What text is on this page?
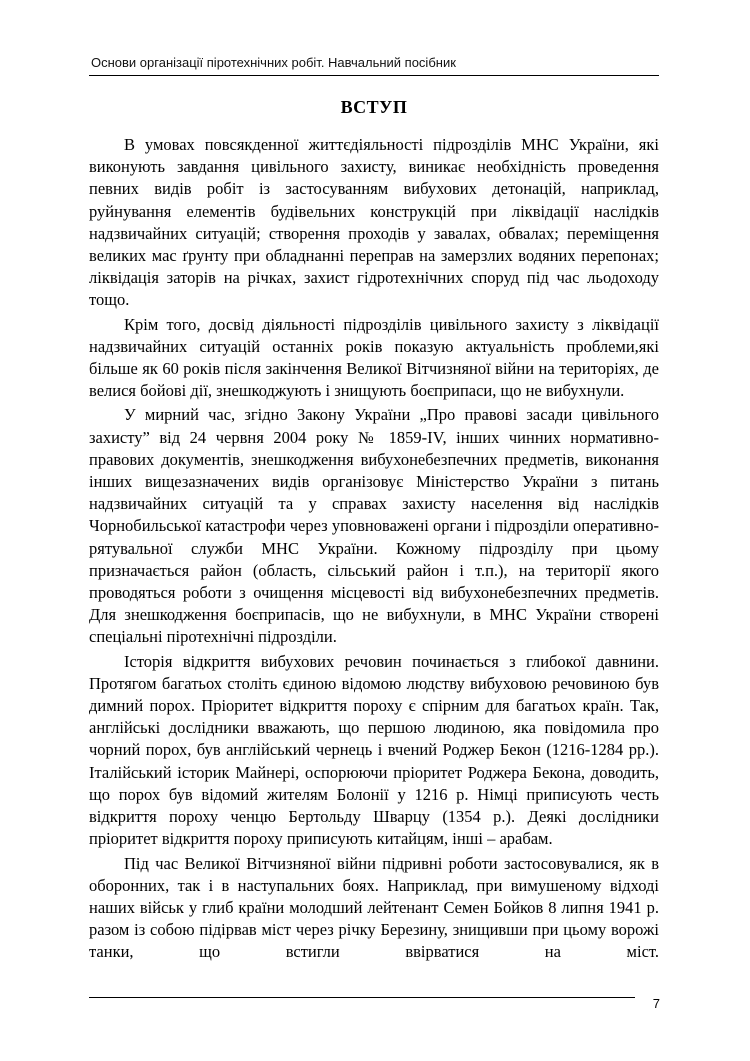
Основи організації піротехнічних робіт. Навчальний посібник
ВСТУП

В умовах повсякденної життєдіяльності підрозділів МНС України, які виконують завдання цивільного захисту, виникає необхідність проведення певних видів робіт із застосуванням вибухових детонацій, наприклад, руйнування елементів будівельних конструкцій при ліквідації наслідків надзвичайних ситуацій; створення проходів у завалах, обвалах; переміщення великих мас ґрунту при обладнанні переправ на замерзлих водяних перепонах; ліквідація заторів на річках, захист гідротехнічних споруд під час льодоходу тощо.

Крім того, досвід діяльності підрозділів цивільного захисту з ліквідації надзвичайних ситуацій останніх років показую актуальність проблеми,які більше як 60 років після закінчення Великої Вітчизняної війни на територіях, де велися бойові дії, знешкоджують і знищують боєприпаси, що не вибухнули.

У мирний час, згідно Закону України „Про правові засади цивільного захисту” від 24 червня 2004 року № 1859-IV, інших чинних нормативно-правових документів, знешкодження вибухонебезпечних предметів, виконання інших вищезазначених видів організовує Міністерство України з питань надзвичайних ситуацій та у справах захисту населення від наслідків Чорнобильської катастрофи через уповноважені органи і підрозділи оперативно-рятувальної служби МНС України. Кожному підрозділу при цьому призначається район (область, сільський район і т.п.), на території якого проводяться роботи з очищення місцевості від вибухонебезпечних предметів. Для знешкодження боєприпасів, що не вибухнули, в МНС України створені спеціальні піротехнічні підрозділи.

Історія відкриття вибухових речовин починається з глибокої давнини. Протягом багатьох століть єдиною відомою людству вибуховою речовиною був димний порох. Пріоритет відкриття пороху є спірним для багатьох країн. Так, англійські дослідники вважають, що першою людиною, яка повідомила про чорний порох, був англійський чернець і вчений Роджер Бекон (1216-1284 рр.). Італійський історик Майнері, оспорюючи пріоритет Роджера Бекона, доводить, що порох був відомий жителям Болонії у 1216 р. Німці приписують честь відкриття пороху ченцю Бертольду Шварцу (1354 р.). Деякі дослідники пріоритет відкриття пороху приписують китайцям, інші – арабам.

Під час Великої Вітчизняної війни підривні роботи застосовувалися, як в оборонних, так і в наступальних боях. Наприклад, при вимушеному відході наших військ у глиб країни молодший лейтенант Семен Бойков 8 липня 1941 р. разом із собою підірвав міст через річку Березину, знищивши при цьому ворожі танки, що встигли ввірватися на міст.

7
